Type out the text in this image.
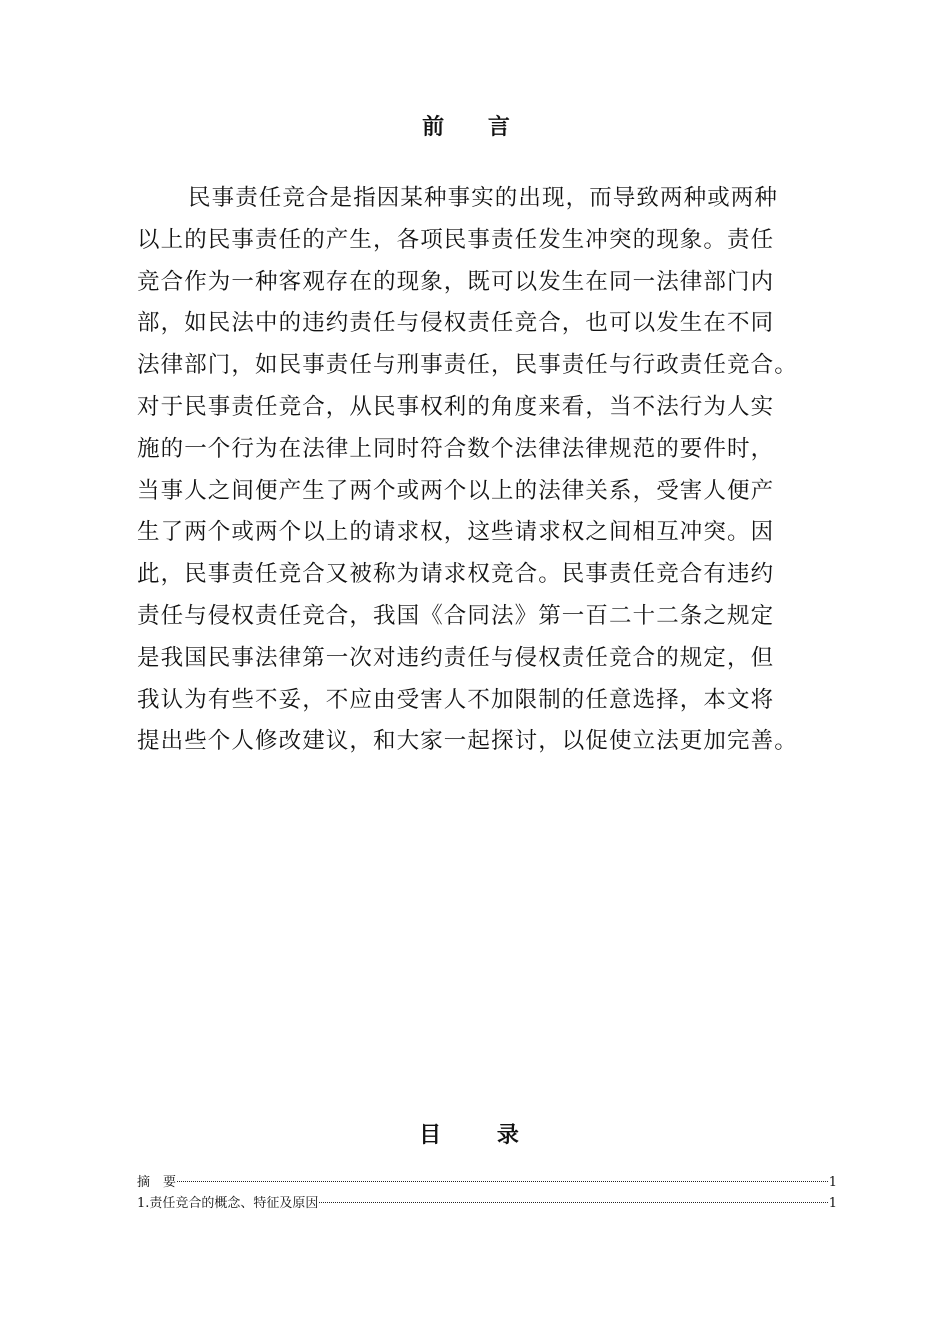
前 言
民事责任竞合是指因某种事实的出现，而导致两种或两种
以上的民事责任的产生，各项民事责任发生冲突的现象。责任
竞合作为一种客观存在的现象，既可以发生在同一法律部门内
部，如民法中的违约责任与侵权责任竞合，也可以发生在不同
法律部门，如民事责任与刑事责任，民事责任与行政责任竞合。
对于民事责任竞合，从民事权利的角度来看，当不法行为人实
施的一个行为在法律上同时符合数个法律法律规范的要件时，
当事人之间便产生了两个或两个以上的法律关系，受害人便产
生了两个或两个以上的请求权，这些请求权之间相互冲突。因
此，民事责任竞合又被称为请求权竞合。民事责任竞合有违约
责任与侵权责任竞合，我国《合同法》第一百二十二条之规定
是我国民事法律第一次对违约责任与侵权责任竞合的规定，但
我认为有些不妥，不应由受害人不加限制的任意选择，本文将
提出些个人修改建议，和大家一起探讨，以促使立法更加完善。
目 录
摘　要	1
1.责任竞合的概念、特征及原因	1
